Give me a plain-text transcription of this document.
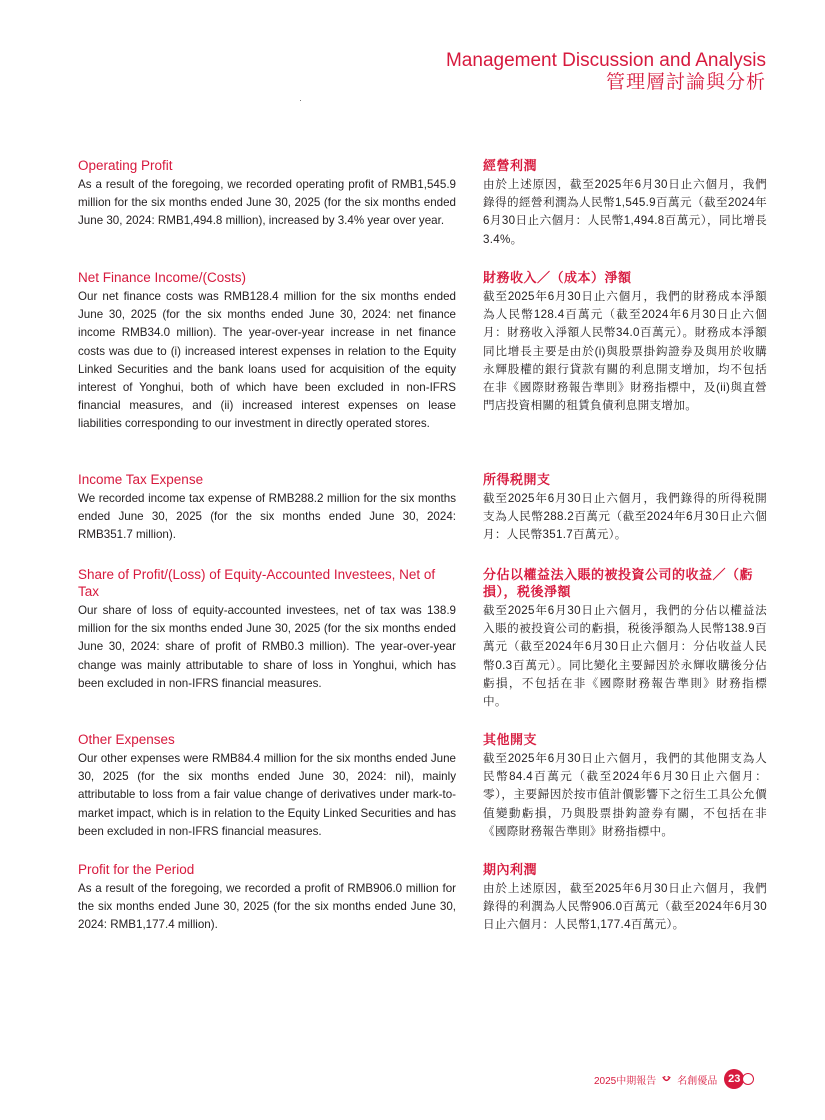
Management Discussion and Analysis
管理層討論與分析
Operating Profit
As a result of the foregoing, we recorded operating profit of RMB1,545.9 million for the six months ended June 30, 2025 (for the six months ended June 30, 2024: RMB1,494.8 million), increased by 3.4% year over year.
經營利潤
由於上述原因，截至2025年6月30日止六個月，我們錄得的經營利潤為人民幣1,545.9百萬元（截至2024年6月30日止六個月：人民幣1,494.8百萬元），同比增長3.4%。
Net Finance Income/(Costs)
Our net finance costs was RMB128.4 million for the six months ended June 30, 2025 (for the six months ended June 30, 2024: net finance income RMB34.0 million). The year-over-year increase in net finance costs was due to (i) increased interest expenses in relation to the Equity Linked Securities and the bank loans used for acquisition of the equity interest of Yonghui, both of which have been excluded in non-IFRS financial measures, and (ii) increased interest expenses on lease liabilities corresponding to our investment in directly operated stores.
財務收入／（成本）淨額
截至2025年6月30日止六個月，我們的財務成本淨額為人民幣128.4百萬元（截至2024年6月30日止六個月：財務收入淨額人民幣34.0百萬元）。財務成本淨額同比增長主要是由於(i)與股票掛鈎證券及與用於收購永輝股權的銀行貸款有關的利息開支增加，均不包括在非《國際財務報告準則》財務指標中，及(ii)與直營門店投資相關的租賃負債利息開支增加。
Income Tax Expense
We recorded income tax expense of RMB288.2 million for the six months ended June 30, 2025 (for the six months ended June 30, 2024: RMB351.7 million).
所得税開支
截至2025年6月30日止六個月，我們錄得的所得税開支為人民幣288.2百萬元（截至2024年6月30日止六個月：人民幣351.7百萬元）。
Share of Profit/(Loss) of Equity-Accounted Investees, Net of Tax
Our share of loss of equity-accounted investees, net of tax was 138.9 million for the six months ended June 30, 2025 (for the six months ended June 30, 2024: share of profit of RMB0.3 million). The year-over-year change was mainly attributable to share of loss in Yonghui, which has been excluded in non-IFRS financial measures.
分佔以權益法入賬的被投資公司的收益／（虧損），税後淨額
截至2025年6月30日止六個月，我們的分佔以權益法入賬的被投資公司的虧損，税後淨額為人民幣138.9百萬元（截至2024年6月30日止六個月：分佔收益人民幣0.3百萬元）。同比變化主要歸因於永輝收購後分佔虧損，不包括在非《國際財務報告準則》財務指標中。
Other Expenses
Our other expenses were RMB84.4 million for the six months ended June 30, 2025 (for the six months ended June 30, 2024: nil), mainly attributable to loss from a fair value change of derivatives under mark-to-market impact, which is in relation to the Equity Linked Securities and has been excluded in non-IFRS financial measures.
其他開支
截至2025年6月30日止六個月，我們的其他開支為人民幣84.4百萬元（截至2024年6月30日止六個月：零），主要歸因於按市值計價影響下之衍生工具公允價值變動虧損，乃與股票掛鈎證券有關，不包括在非《國際財務報告準則》財務指標中。
Profit for the Period
As a result of the foregoing, we recorded a profit of RMB906.0 million for the six months ended June 30, 2025 (for the six months ended June 30, 2024: RMB1,177.4 million).
期內利潤
由於上述原因，截至2025年6月30日止六個月，我們錄得的利潤為人民幣906.0百萬元（截至2024年6月30日止六個月：人民幣1,177.4百萬元）。
2025中期報告 名創優品 23
